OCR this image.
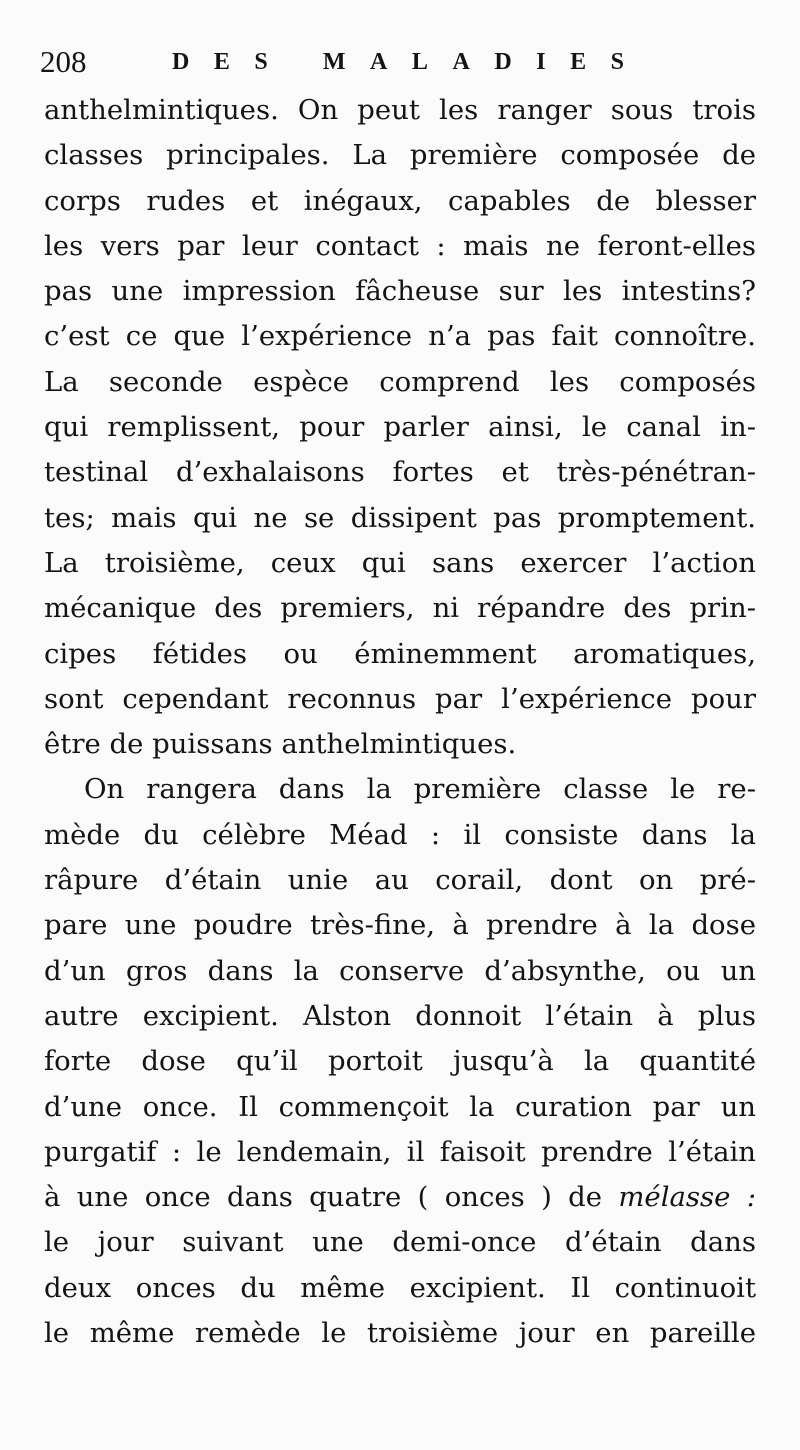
208	D E S
M A L A D I E S
anthelmintiques. On peut les ranger sous trois
classes principales. La première composée de
corps rudes et inégaux, capables de blesser
les vers par leur contact : mais ne feront-elles
pas une impression fâcheuse sur les intestins?
c’est ce que l’expérience n’a pas fait connoître.
La seconde espèce comprend les composés
qui remplissent, pour parler ainsi, le canal in-
testinal d’exhalaisons fortes et très-pénétran-
tes; mais qui ne se dissipent pas promptement.
La troisième, ceux qui sans exercer l’action
mécanique des premiers, ni répandre des prin-
cipes fétides ou éminemment aromatiques,
sont cependant reconnus par l’expérience pour
être de puissans anthelmintiques.
On rangera dans la première classe le re-
mède du célèbre Méad : il consiste dans la
râpure d’étain unie au corail, dont on pré-
pare une poudre très-fine, à prendre à la dose
d’un gros dans la conserve d’absynthe, ou un
autre excipient. Alston donnoit l’étain à plus
forte dose qu’il portoit jusqu’à la quantité
d’une once. Il commençoit la curation par un
purgatif : le lendemain, il faisoit prendre l’étain
à une once dans quatre ( onces ) de mélasse :
le jour suivant une demi-once d’étain dans
deux onces du même excipient. Il continuoit
le même remède le troisième jour en pareille
